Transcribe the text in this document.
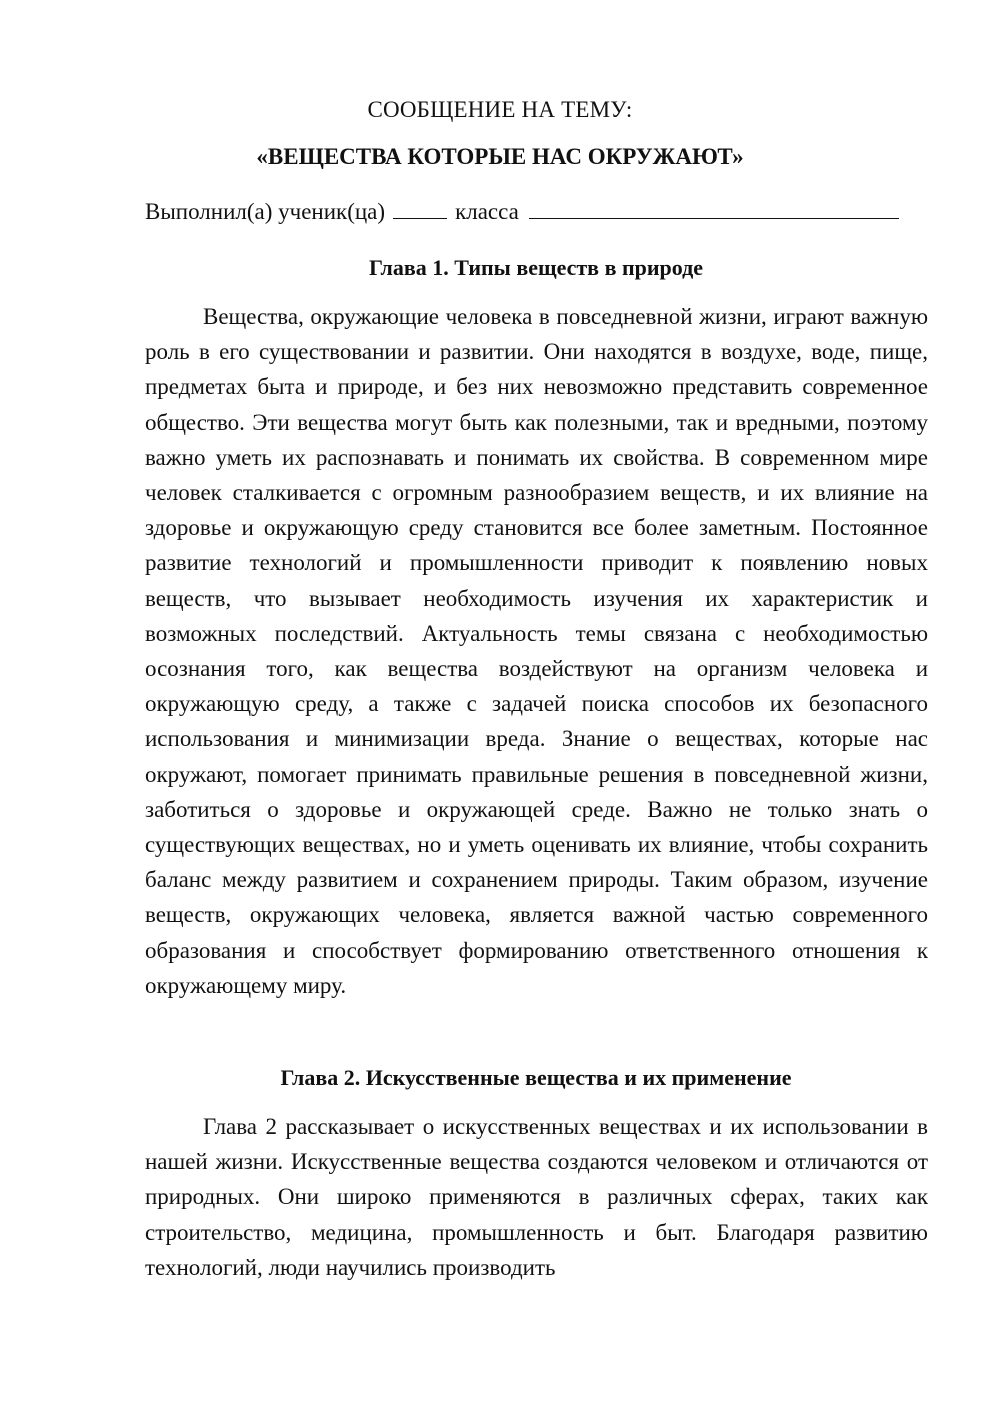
СООБЩЕНИЕ НА ТЕМУ:
«ВЕЩЕСТВА КОТОРЫЕ НАС ОКРУЖАЮТ»
Выполнил(а) ученик(ца)	класса
Глава 1. Типы веществ в природе

Вещества, окружающие человека в повседневной жизни, играют важную роль в его существовании и развитии. Они находятся в воздухе, воде, пище, предметах быта и природе, и без них невозможно представить современное общество. Эти вещества могут быть как полезными, так и вредными, поэтому важно уметь их распознавать и понимать их свойства. В современном мире человек сталкивается с огромным разнообразием веществ, и их влияние на здоровье и окружающую среду становится все более заметным. Постоянное развитие технологий и промышленности приводит к появлению новых веществ, что вызывает необходимость изучения их характеристик и возможных последствий. Актуальность темы связана с необходимостью осознания того, как вещества воздействуют на организм человека и окружающую среду, а также с задачей поиска способов их безопасного использования и минимизации вреда. Знание о веществах, которые нас окружают, помогает принимать правильные решения в повседневной жизни, заботиться о здоровье и окружающей среде. Важно не только знать о существующих веществах, но и уметь оценивать их влияние, чтобы сохранить баланс между развитием и сохранением природы. Таким образом, изучение веществ, окружающих человека, является важной частью современного образования и способствует формированию ответственного отношения к окружающему миру.

Глава 2. Искусственные вещества и их применение

Глава 2 рассказывает о искусственных веществах и их использовании в нашей жизни. Искусственные вещества создаются человеком и отличаются от природных. Они широко применяются в различных сферах, таких как строительство, медицина, промышленность и быт. Благодаря развитию технологий, люди научились производить
